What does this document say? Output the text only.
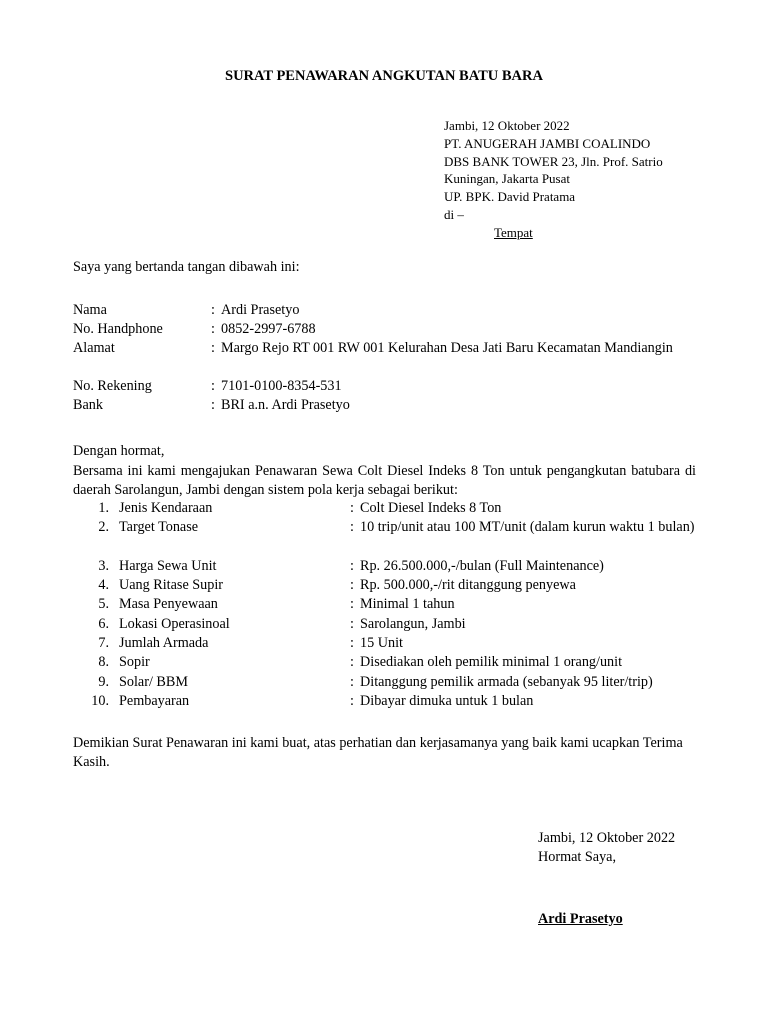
SURAT PENAWARAN ANGKUTAN BATU BARA
Jambi, 12 Oktober 2022
PT. ANUGERAH JAMBI COALINDO
DBS BANK TOWER 23, Jln. Prof. Satrio
Kuningan, Jakarta Pusat
UP. BPK. David Pratama
di –
Tempat
Saya yang bertanda tangan dibawah ini:
Nama	: Ardi Prasetyo
No. Handphone	: 0852-2997-6788
Alamat	: Margo Rejo RT 001 RW 001 Kelurahan Desa Jati Baru Kecamatan Mandiangin
No. Rekening	: 7101-0100-8354-531
Bank	: BRI a.n. Ardi Prasetyo
Dengan hormat,
Bersama ini kami mengajukan Penawaran Sewa Colt Diesel Indeks 8 Ton untuk pengangkutan batubara di daerah Sarolangun, Jambi dengan sistem pola kerja sebagai berikut:
1. Jenis Kendaraan	: Colt Diesel Indeks 8 Ton
2. Target Tonase	: 10 trip/unit atau 100 MT/unit (dalam kurun waktu 1 bulan)
3. Harga Sewa Unit	: Rp. 26.500.000,-/bulan (Full Maintenance)
4. Uang Ritase Supir	: Rp. 500.000,-/rit ditanggung penyewa
5. Masa Penyewaan	: Minimal 1 tahun
6. Lokasi Operasinoal	: Sarolangun, Jambi
7. Jumlah Armada	: 15 Unit
8. Sopir	: Disediakan oleh pemilik minimal 1 orang/unit
9. Solar/ BBM	: Ditanggung pemilik armada (sebanyak 95 liter/trip)
10. Pembayaran	: Dibayar dimuka untuk 1 bulan
Demikian Surat Penawaran ini kami buat, atas perhatian dan kerjasamanya yang baik kami ucapkan Terima Kasih.
Jambi, 12 Oktober 2022
Hormat Saya,
Ardi Prasetyo
